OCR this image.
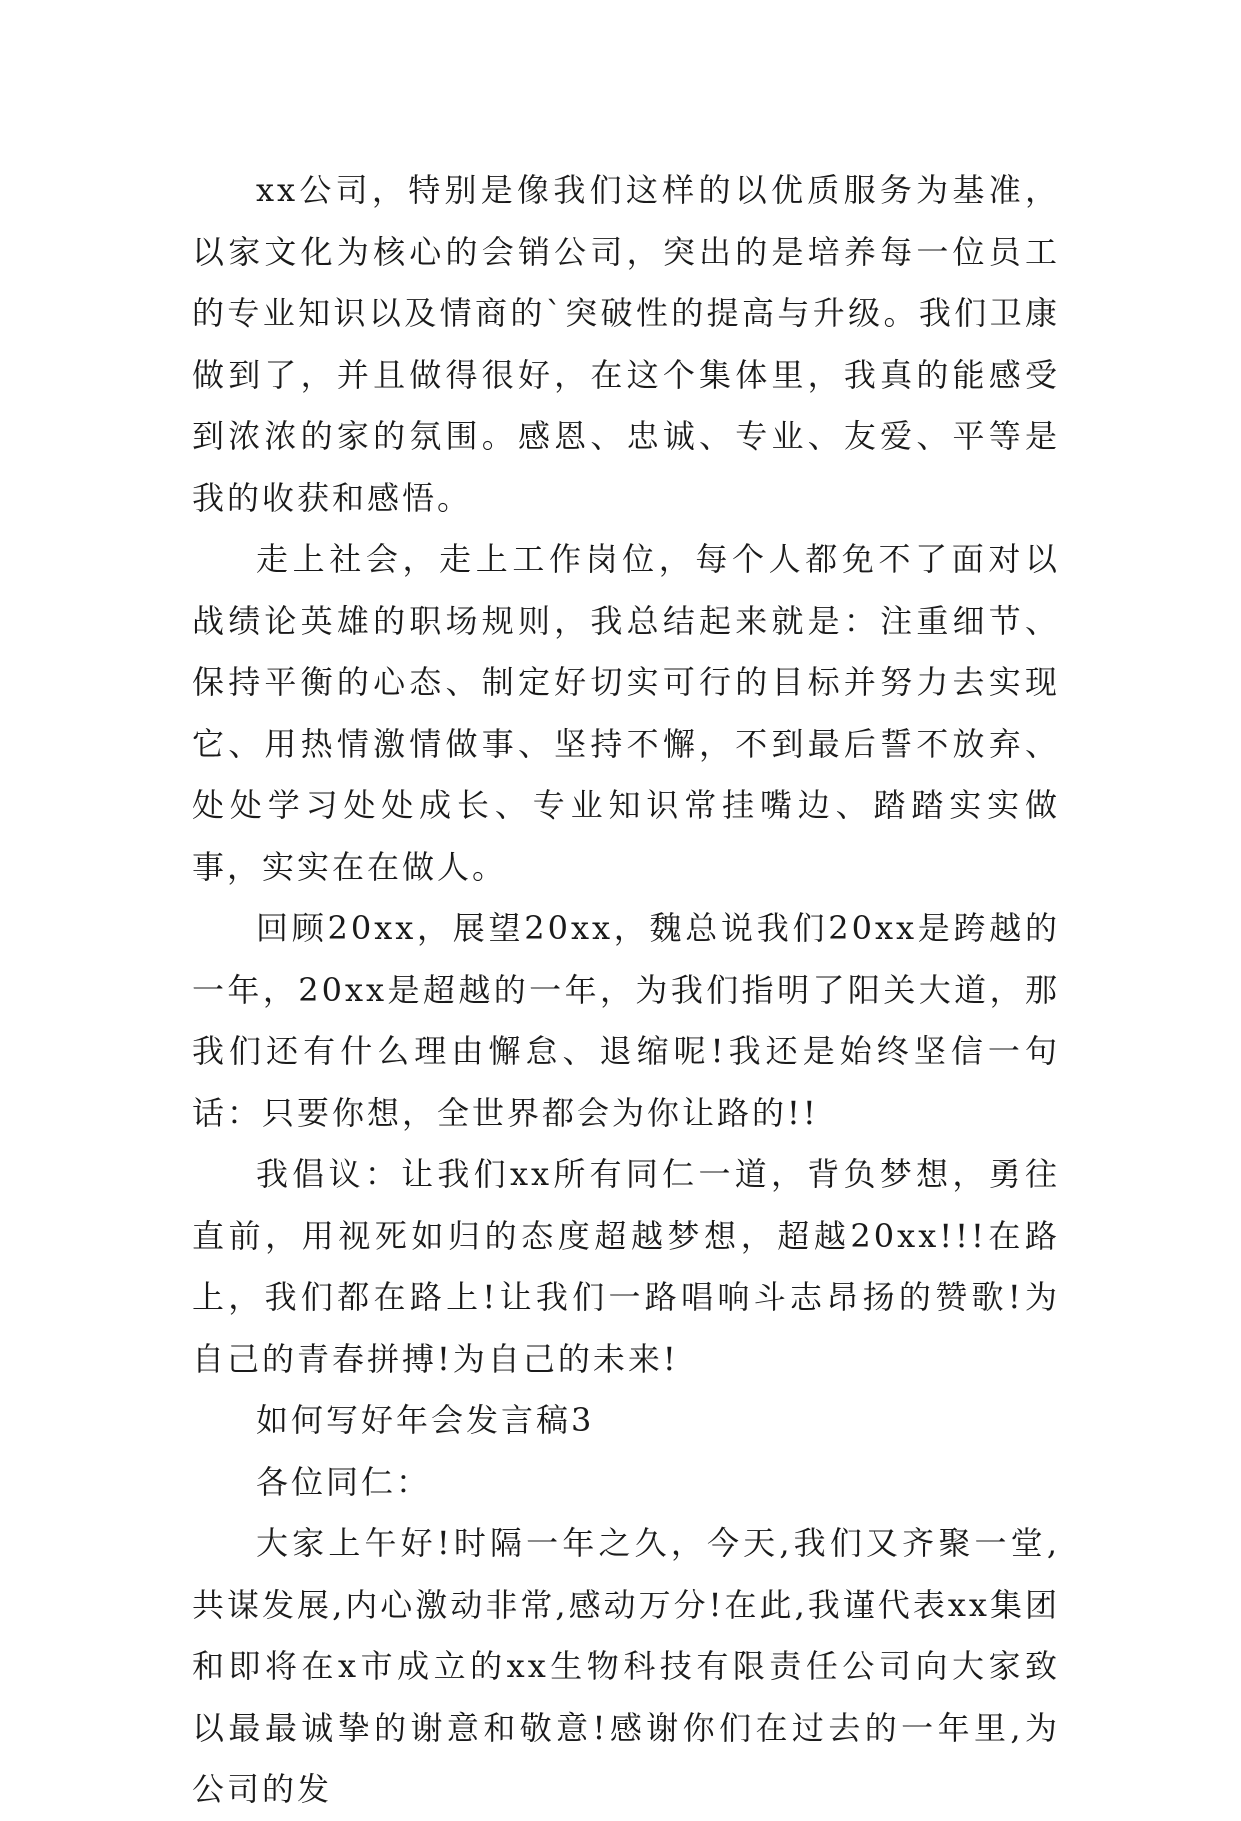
xx公司，特别是像我们这样的以优质服务为基准，以家文化为核心的会销公司，突出的是培养每一位员工的专业知识以及情商的`突破性的提高与升级。我们卫康做到了，并且做得很好，在这个集体里，我真的能感受到浓浓的家的氛围。感恩、忠诚、专业、友爱、平等是我的收获和感悟。

走上社会，走上工作岗位，每个人都免不了面对以战绩论英雄的职场规则，我总结起来就是：注重细节、保持平衡的心态、制定好切实可行的目标并努力去实现它、用热情激情做事、坚持不懈，不到最后誓不放弃、处处学习处处成长、专业知识常挂嘴边、踏踏实实做事，实实在在做人。

回顾20xx，展望20xx，魏总说我们20xx是跨越的一年，20xx是超越的一年，为我们指明了阳关大道，那我们还有什么理由懈怠、退缩呢!我还是始终坚信一句话：只要你想，全世界都会为你让路的!!

我倡议：让我们xx所有同仁一道，背负梦想，勇往直前，用视死如归的态度超越梦想，超越20xx!!!在路上，我们都在路上!让我们一路唱响斗志昂扬的赞歌!为自己的青春拼搏!为自己的未来!

如何写好年会发言稿3

各位同仁：

大家上午好!时隔一年之久，今天,我们又齐聚一堂,共谋发展,内心激动非常,感动万分!在此,我谨代表xx集团和即将在x市成立的xx生物科技有限责任公司向大家致以最最诚挚的谢意和敬意!感谢你们在过去的一年里,为公司的发
